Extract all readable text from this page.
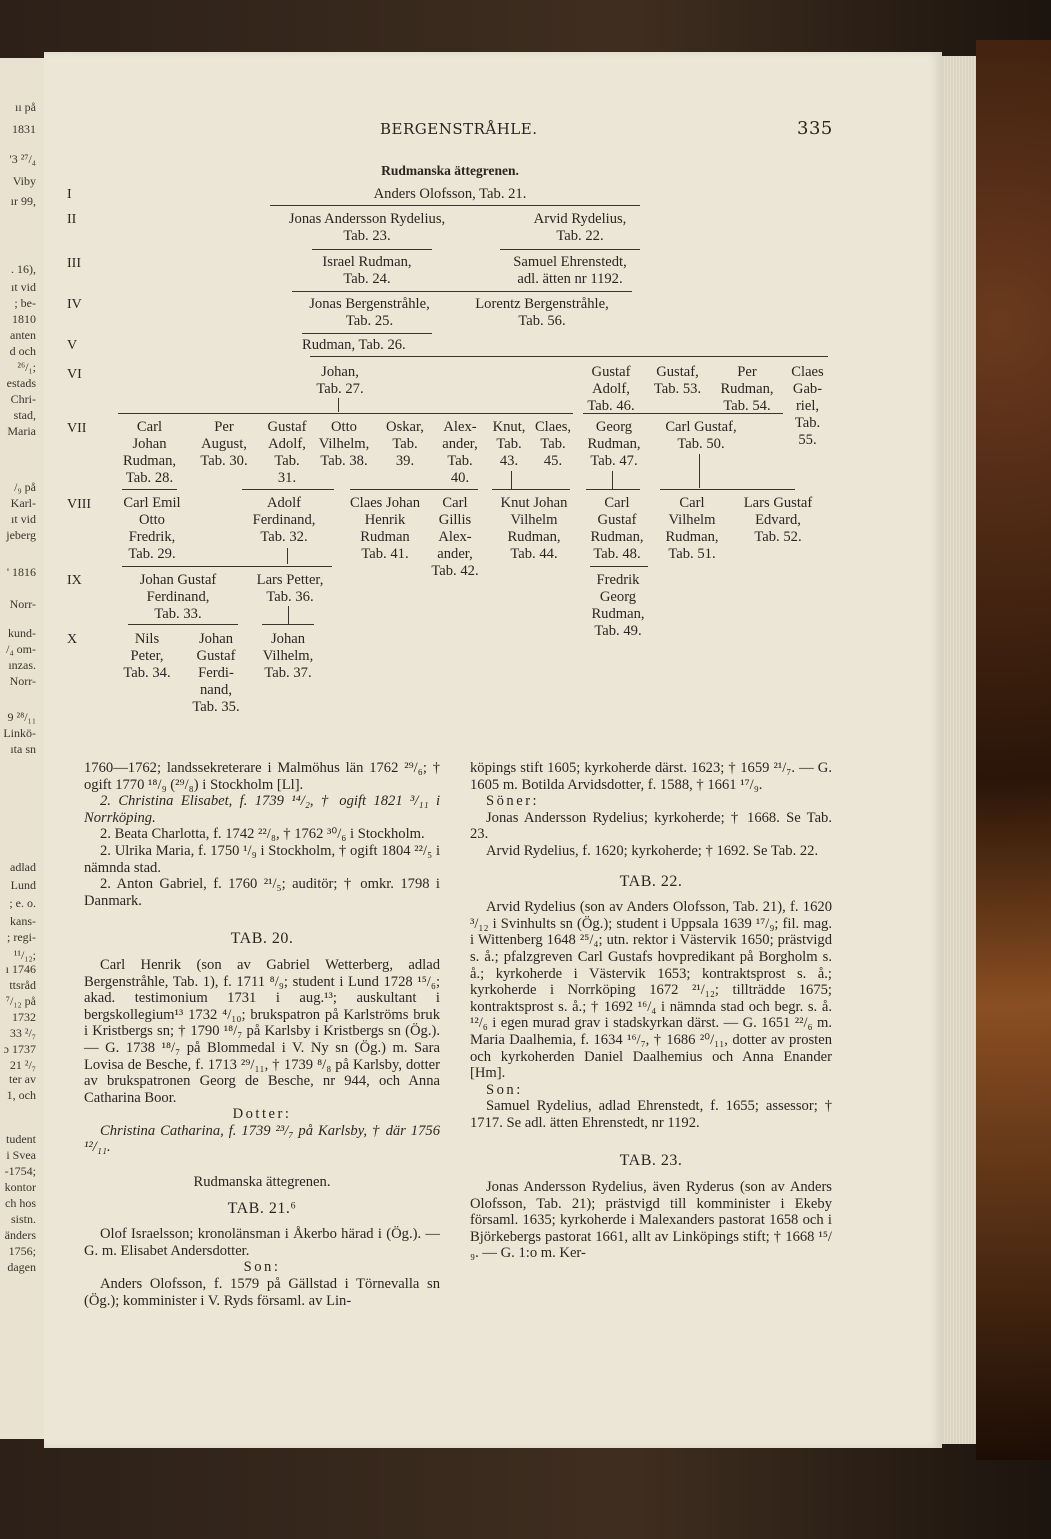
ıı på
1831
'3 ²⁷/₄
Viby
ır 99,
. 16),
ıt vid
; be-
1810
anten
d och
²⁶/₁;
estads
Chri-
stad,
Maria
/₉ på
Karl-
ıt vid
jeberg
' 1816
Norr-
kund-
/₄ om-
ınzas.
Norr-
9 ²⁸/₁₁
Linkö-
ıta sn
adlad
Lund
; e. o.
kans-
; regi-
¹¹/₁₂;
ı 1746
ttsråd
⁷/₁₂ på
1732
33 ²/₇
ɔ 1737
21 ²/₇
ter av
1, och
tudent
i Svea
-1754;
kontor
ch hos
sistn.
änders
1756;
dagen
BERGENSTRÅHLE.	335
Rudmanska ättegrenen.
I
II
III
IV
V
VI
VII
VIII
IX
X
Anders Olofsson, Tab. 21.
Jonas Andersson Rydelius,
Tab. 23.
Arvid Rydelius,
Tab. 22.
Israel Rudman,
Tab. 24.
Samuel Ehrenstedt,
adl. ätten nr 1192.
Jonas Bergenstråhle,
Tab. 25.
Lorentz Bergenstråhle,
Tab. 56.
Rudman, Tab. 26.
Johan,
Tab. 27.
Gustaf
Adolf,
Tab. 46.
Gustaf,
Tab. 53.
Per
Rudman,
Tab. 54.
Claes
Gab-
riel,
Tab.
55.
Carl
Johan
Rudman,
Tab. 28.
Per
August,
Tab. 30.
Gustaf
Adolf,
Tab.
31.
Otto
Vilhelm,
Tab. 38.
Oskar,
Tab.
39.
Alex-
ander,
Tab.
40.
Knut,
Tab.
43.
Claes,
Tab.
45.
Georg
Rudman,
Tab. 47.
Carl Gustaf,
Tab. 50.
Carl Emil
Otto
Fredrik,
Tab. 29.
Adolf
Ferdinand,
Tab. 32.
Claes Johan
Henrik
Rudman
Tab. 41.
Carl
Gillis
Alex-
ander,
Tab. 42.
Knut Johan
Vilhelm
Rudman,
Tab. 44.
Carl
Gustaf
Rudman,
Tab. 48.
Carl
Vilhelm
Rudman,
Tab. 51.
Lars Gustaf
Edvard,
Tab. 52.
Johan Gustaf
Ferdinand,
Tab. 33.
Lars Petter,
Tab. 36.
Fredrik
Georg
Rudman,
Tab. 49.
Nils
Peter,
Tab. 34.
Johan
Gustaf
Ferdi-
nand,
Tab. 35.
Johan
Vilhelm,
Tab. 37.

1760—1762; landssekreterare i Malmöhus län 1762 ²⁹/₆; † ogift 1770 ¹⁸/₉ (²⁹/₈) i Stockholm [Ll].

2. Christina Elisabet, f. 1739 ¹⁴/₂, † ogift 1821 ³/₁₁ i Norrköping.

2. Beata Charlotta, f. 1742 ²²/₈, † 1762 ³⁰/₆ i Stockholm.

2. Ulrika Maria, f. 1750 ¹/₉ i Stockholm, † ogift 1804 ²²/₅ i nämnda stad.

2. Anton Gabriel, f. 1760 ²¹/₅; auditör; † omkr. 1798 i Danmark.

TAB. 20.

Carl Henrik (son av Gabriel Wetterberg, adlad Bergenstråhle, Tab. 1), f. 1711 ⁸/₉; student i Lund 1728 ¹⁵/₆; akad. testimonium 1731 i aug.¹³; auskultant i bergskollegium¹³ 1732 ⁴/₁₀; brukspatron på Karlströms bruk i Kristbergs sn; † 1790 ¹⁸/₇ på Karlsby i Kristbergs sn (Ög.). — G. 1738 ¹⁸/₇ på Blommedal i V. Ny sn (Ög.) m. Sara Lovisa de Besche, f. 1713 ²⁹/₁₁, † 1739 ⁸/₈ på Karlsby, dotter av brukspatronen Georg de Besche, nr 944, och Anna Catharina Boor.

Dotter:

Christina Catharina, f. 1739 ²³/₇ på Karlsby, † där 1756 ¹²/₁₁.

Rudmanska ättegrenen.

TAB. 21.⁶

Olof Israelsson; kronolänsman i Åkerbo härad i (Ög.). — G. m. Elisabet Andersdotter.

Son:

Anders Olofsson, f. 1579 på Gällstad i Törnevalla sn (Ög.); komminister i V. Ryds församl. av Lin-

köpings stift 1605; kyrkoherde därst. 1623; † 1659 ²¹/₇. — G. 1605 m. Botilda Arvidsdotter, f. 1588, † 1661 ¹⁷/₉.

Söner:

Jonas Andersson Rydelius; kyrkoherde; † 1668. Se Tab. 23.

Arvid Rydelius, f. 1620; kyrkoherde; † 1692. Se Tab. 22.

TAB. 22.

Arvid Rydelius (son av Anders Olofsson, Tab. 21), f. 1620 ³/₁₂ i Svinhults sn (Ög.); student i Uppsala 1639 ¹⁷/₉; fil. mag. i Wittenberg 1648 ²⁵/₄; utn. rektor i Västervik 1650; prästvigd s. å.; pfalzgreven Carl Gustafs hovpredikant på Borgholm s. å.; kyrkoherde i Västervik 1653; kontraktsprost s. å.; kyrkoherde i Norrköping 1672 ²¹/₁₂; tillträdde 1675; kontraktsprost s. å.; † 1692 ¹⁶/₄ i nämnda stad och begr. s. å. ¹²/₆ i egen murad grav i stadskyrkan därst. — G. 1651 ²²/₆ m. Maria Daalhemia, f. 1634 ¹⁶/₇, † 1686 ²⁰/₁₁, dotter av prosten och kyrkoherden Daniel Daalhemius och Anna Enander [Hm].

Son:

Samuel Rydelius, adlad Ehrenstedt, f. 1655; assessor; † 1717. Se adl. ätten Ehrenstedt, nr 1192.

TAB. 23.

Jonas Andersson Rydelius, även Ryderus (son av Anders Olofsson, Tab. 21); prästvigd till komminister i Ekeby församl. 1635; kyrkoherde i Malexanders pastorat 1658 och i Björkebergs pastorat 1661, allt av Linköpings stift; † 1668 ¹⁵/₉. — G. 1:o m. Ker-
